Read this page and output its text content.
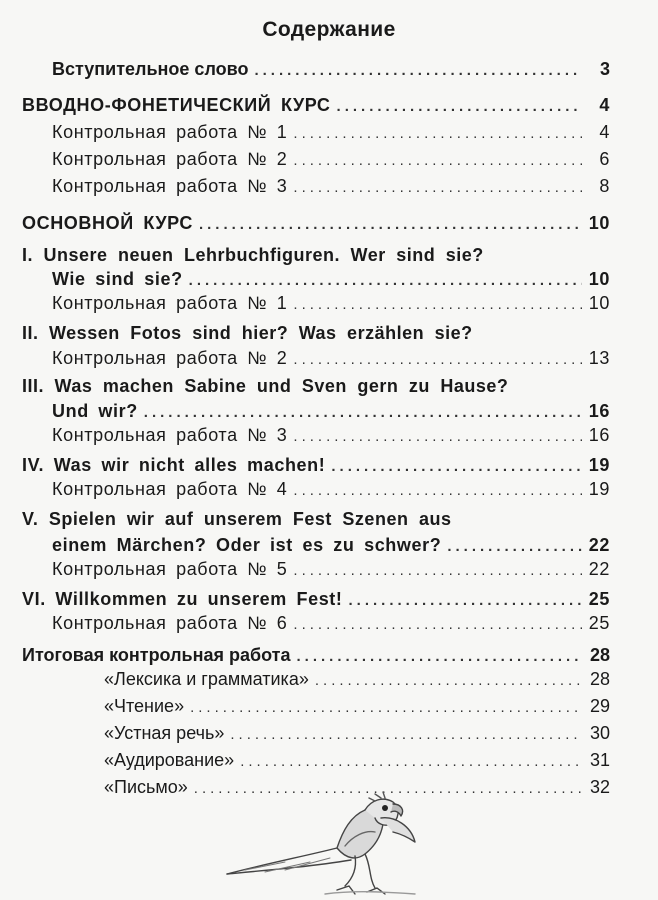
Содержание
Вступительное слово .....	3
ВВОДНО-ФОНЕТИЧЕСКИЙ КУРС .....	4
Контрольная работа № 1 .....	4
Контрольная работа № 2 .....	6
Контрольная работа № 3 .....	8
ОСНОВНОЙ КУРС .....	10
I. Unsere neuen Lehrbuchfiguren. Wer sind sie?
Wie sind sie? .....	10
Контрольная работа № 1 .....	10
II. Wessen Fotos sind hier? Was erzählen sie?
Контрольная работа № 2 .....	13
III. Was machen Sabine und Sven gern zu Hause?
Und wir? .....	16
Контрольная работа № 3 .....	16
IV. Was wir nicht alles machen! .....	19
Контрольная работа № 4 .....	19
V. Spielen wir auf unserem Fest Szenen aus
einem Märchen? Oder ist es zu schwer? .....	22
Контрольная работа № 5 .....	22
VI. Willkommen zu unserem Fest! .....	25
Контрольная работа № 6 .....	25
Итоговая контрольная работа .....	28
«Лексика и грамматика» .....	28
«Чтение» .....	29
«Устная речь» .....	30
«Аудирование» .....	31
«Письмо» .....	32
